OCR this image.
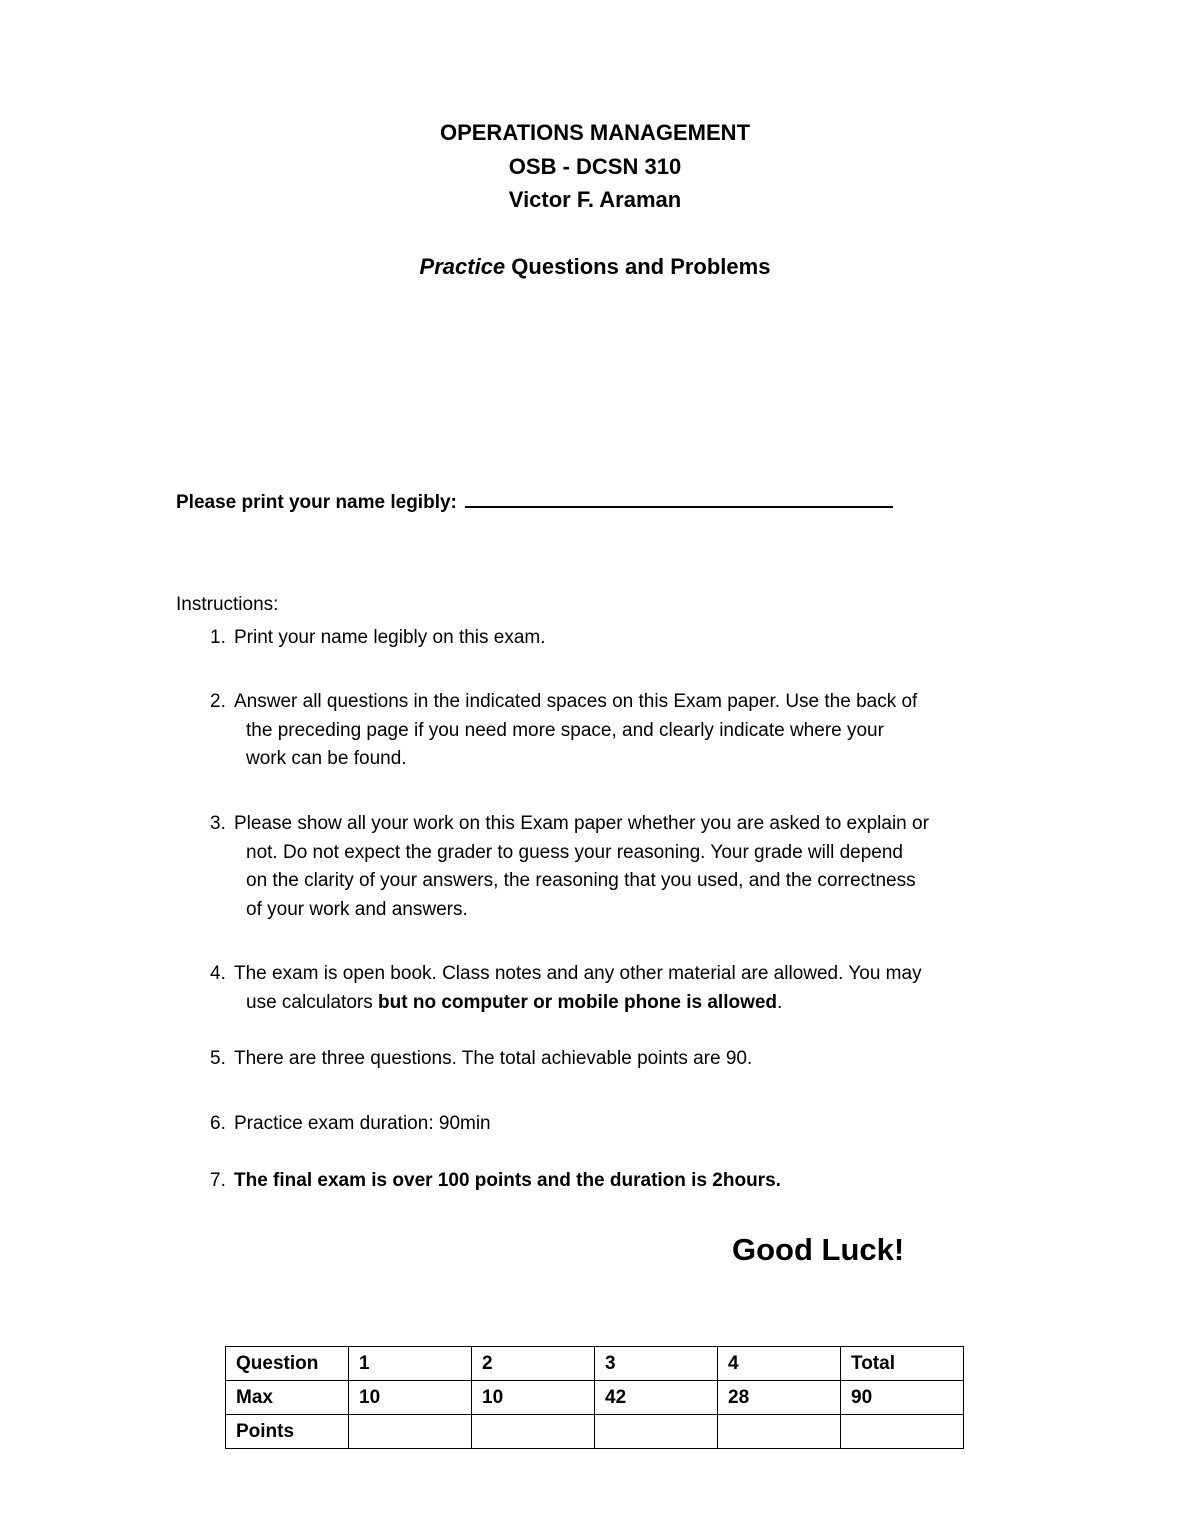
OPERATIONS MANAGEMENT
OSB - DCSN 310
Victor F. Araman
Practice Questions and Problems
Please print your name legibly:
Instructions:
1. Print your name legibly on this exam.
2. Answer all questions in the indicated spaces on this Exam paper. Use the back of
the preceding page if you need more space, and clearly indicate where your
work can be found.
3. Please show all your work on this Exam paper whether you are asked to explain or
not. Do not expect the grader to guess your reasoning. Your grade will depend
on the clarity of your answers, the reasoning that you used, and the correctness
of your work and answers.
4. The exam is open book. Class notes and any other material are allowed. You may
use calculators but no computer or mobile phone is allowed.
5. There are three questions. The total achievable points are 90.
6. Practice exam duration: 90min
7. The final exam is over 100 points and the duration is 2hours.
Good Luck!
Question	1	2	3	4	Total
Max	10	10	42	28	90
Points					
